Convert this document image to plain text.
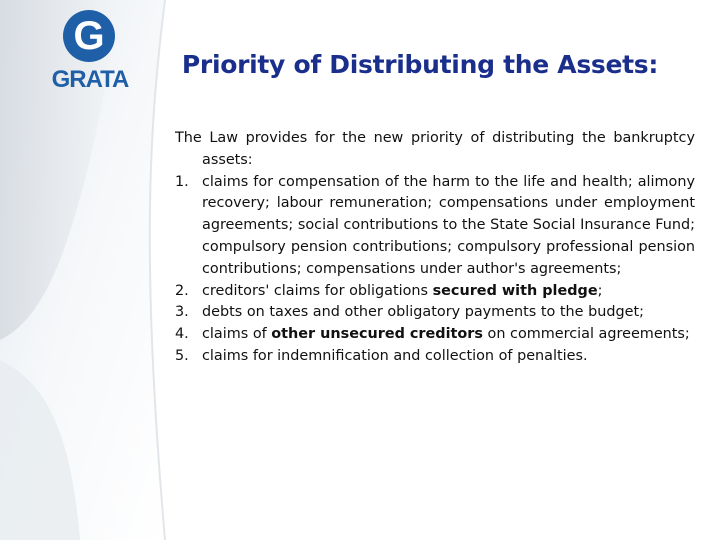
G
GRATA
Priority of Distributing the Assets:
The Law provides for the new priority of distributing the bankruptcy assets:
1. claims for compensation of the harm to the life and health; alimony recovery; labour remuneration; compensations under employment agreements; social contributions to the State Social Insurance Fund; compulsory pension contributions; compulsory professional pension contributions; compensations under author's agreements;
2. creditors' claims for obligations secured with pledge;
3. debts on taxes and other obligatory payments to the budget;
4. claims of other unsecured creditors on commercial agreements;
5. claims for indemnification and collection of penalties.
